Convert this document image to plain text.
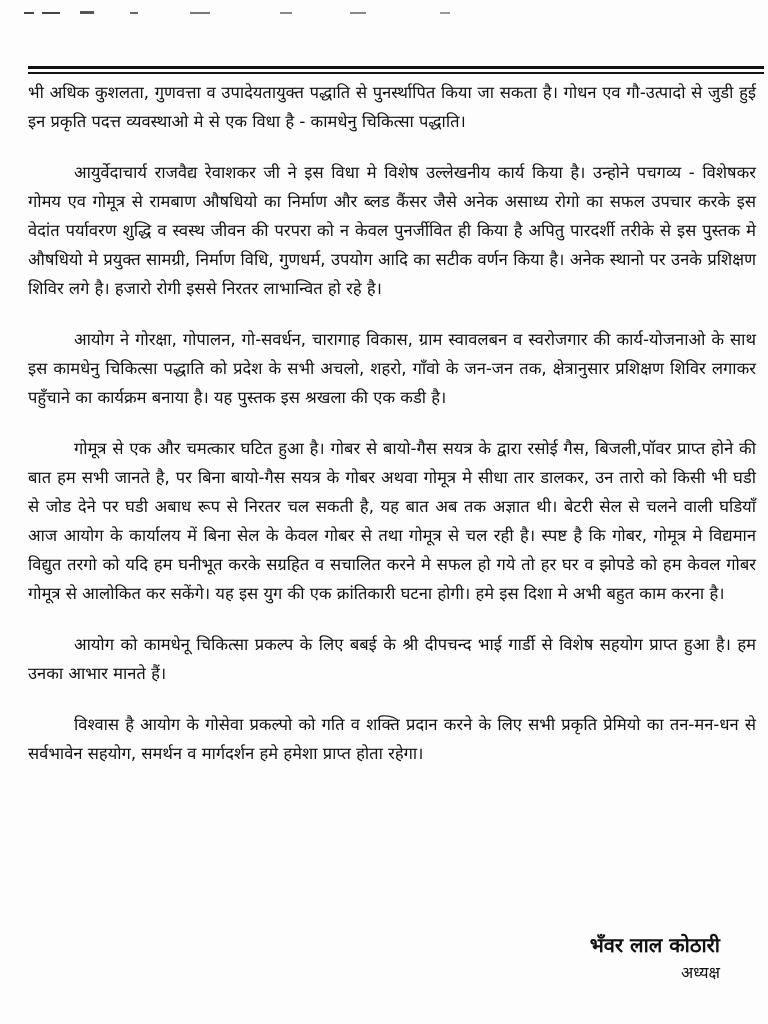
भी अधिक कुशलता, गुणवत्ता व उपादेयतायुक्त पद्धाति से पुनर्स्थापित किया जा सकता है। गोधन एव गौ-उत्पादो से जुडी हुई इन प्रकृति पदत्त व्यवस्थाओ मे से एक विधा है - कामधेनु चिकित्सा पद्धाति।

आयुर्वेदाचार्य राजवैद्य रेवाशकर जी ने इस विधा मे विशेष उल्लेखनीय कार्य किया है। उन्होने पचगव्य - विशेषकर गोमय एव गोमूत्र से रामबाण औषधियो का निर्माण और ब्लड कैंसर जैसे अनेक असाध्य रोगो का सफल उपचार करके इस वेदांत पर्यावरण शुद्धि व स्वस्थ जीवन की परपरा को न केवल पुनर्जीवित ही किया है अपितु पारदर्शी तरीके से इस पुस्तक मे औषधियो मे प्रयुक्त सामग्री, निर्माण विधि, गुणधर्म, उपयोग आदि का सटीक वर्णन किया है। अनेक स्थानो पर उनके प्रशिक्षण शिविर लगे है। हजारो रोगी इससे निरतर लाभान्वित हो रहे है।

आयोग ने गोरक्षा, गोपालन, गो-सवर्धन, चारागाह विकास, ग्राम स्वावलबन व स्वरोजगार की कार्य-योजनाओ के साथ इस कामधेनु चिकित्सा पद्धाति को प्रदेश के सभी अचलो, शहरो, गाँवो के जन-जन तक, क्षेत्रानुसार प्रशिक्षण शिविर लगाकर पहुँचाने का कार्यक्रम बनाया है। यह पुस्तक इस श्रखला की एक कडी है।

गोमूत्र से एक और चमत्कार घटित हुआ है। गोबर से बायो-गैस सयत्र के द्वारा रसोई गैस, बिजली,पॉवर प्राप्त होने की बात हम सभी जानते है, पर बिना बायो-गैस सयत्र के गोबर अथवा गोमूत्र मे सीधा तार डालकर, उन तारो को किसी भी घडी से जोड देने पर घडी अबाध रूप से निरतर चल सकती है, यह बात अब तक अज्ञात थी। बेटरी सेल से चलने वाली घडियाँ आज आयोग के कार्यालय में बिना सेल के केवल गोबर से तथा गोमूत्र से चल रही है। स्पष्ट है कि गोबर, गोमूत्र मे विद्यमान विद्युत तरगो को यदि हम घनीभूत करके सग्रहित व सचालित करने मे सफल हो गये तो हर घर व झोपडे को हम केवल गोबर गोमूत्र से आलोकित कर सकेंगे। यह इस युग की एक क्रांतिकारी घटना होगी। हमे इस दिशा मे अभी बहुत काम करना है।

आयोग को कामधेनू चिकित्सा प्रकल्प के लिए बबई के श्री दीपचन्द भाई गार्डी से विशेष सहयोग प्राप्त हुआ है। हम उनका आभार मानते हैं।

विश्वास है आयोग के गोसेवा प्रकल्पो को गति व शक्ति प्रदान करने के लिए सभी प्रकृति प्रेमियो का तन-मन-धन से सर्वभावेन सहयोग, समर्थन व मार्गदर्शन हमे हमेशा प्राप्त होता रहेगा।

भँवर लाल कोठारी
अध्यक्ष
